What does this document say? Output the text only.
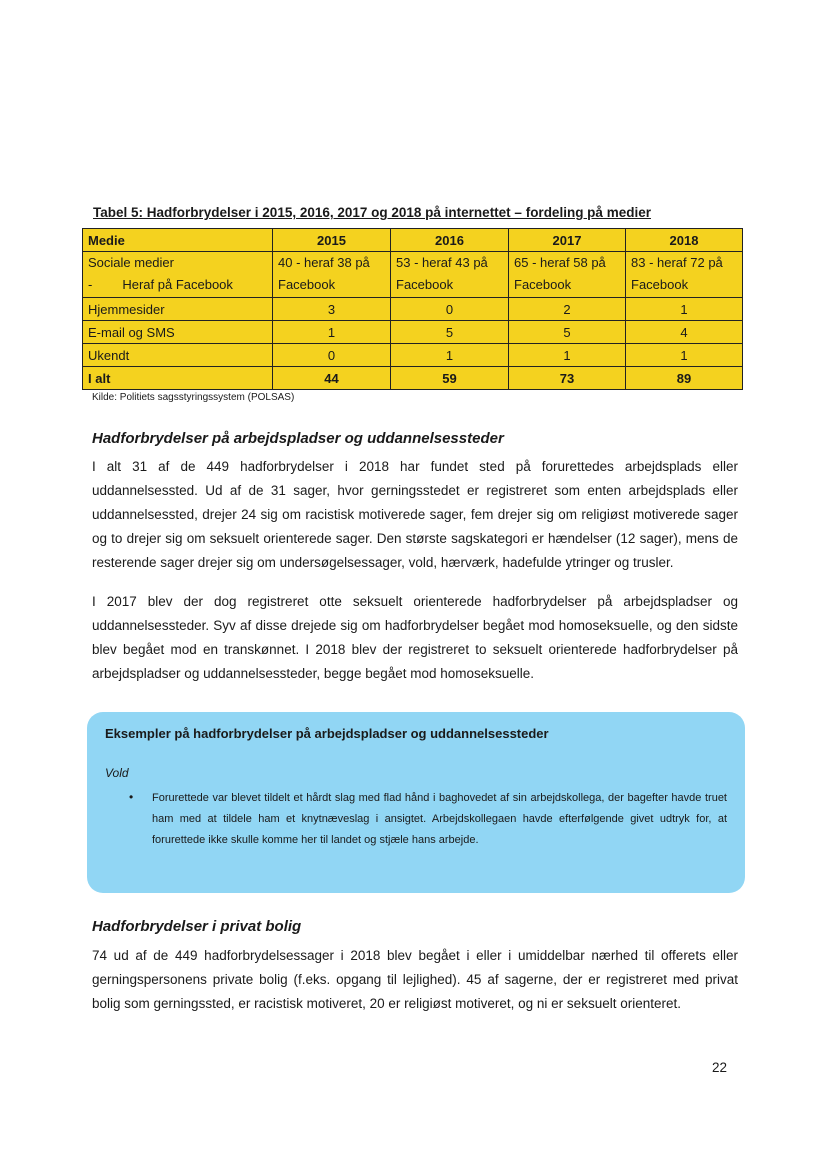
Tabel 5: Hadforbrydelser i 2015, 2016, 2017 og 2018 på internettet – fordeling på medier
Medie	2015	2016	2017	2018

Sociale medier
- Heraf på Facebook	40 - heraf 38 på Facebook	53 - heraf 43 på Facebook	65 - heraf 58 på Facebook	83 - heraf 72 på Facebook
Hjemmesider	3	0	2	1
E-mail og SMS	1	5	5	4
Ukendt	0	1	1	1
I alt	44	59	73	89
Kilde: Politiets sagsstyringssystem (POLSAS)
Hadforbrydelser på arbejdspladser og uddannelsessteder

I alt 31 af de 449 hadforbrydelser i 2018 har fundet sted på forurettedes arbejdsplads eller uddannelsessted. Ud af de 31 sager, hvor gerningsstedet er registreret som enten arbejdsplads eller uddannelsessted, drejer 24 sig om racistisk motiverede sager, fem drejer sig om religiøst motiverede sager og to drejer sig om seksuelt orienterede sager. Den største sagskategori er hændelser (12 sager), mens de resterende sager drejer sig om undersøgelsessager, vold, hærværk, hadefulde ytringer og trusler.

I 2017 blev der dog registreret otte seksuelt orienterede hadforbrydelser på arbejdspladser og uddannelsessteder. Syv af disse drejede sig om hadforbrydelser begået mod homoseksuelle, og den sidste blev begået mod en transkønnet. I 2018 blev der registreret to seksuelt orienterede hadforbrydelser på arbejdspladser og uddannelsessteder, begge begået mod homoseksuelle.

Eksempler på hadforbrydelser på arbejdspladser og uddannelsessteder
Vold
• Forurettede var blevet tildelt et hårdt slag med flad hånd i baghovedet af sin arbejdskollega, der bagefter havde truet ham med at tildele ham et knytnæveslag i ansigtet. Arbejdskollegaen havde efterfølgende givet udtryk for, at forurettede ikke skulle komme her til landet og stjæle hans arbejde.
Hadforbrydelser i privat bolig

74 ud af de 449 hadforbrydelsessager i 2018 blev begået i eller i umiddelbar nærhed til offerets eller gerningspersonens private bolig (f.eks. opgang til lejlighed). 45 af sagerne, der er registreret med privat bolig som gerningssted, er racistisk motiveret, 20 er religiøst motiveret, og ni er seksuelt orienteret.

22
